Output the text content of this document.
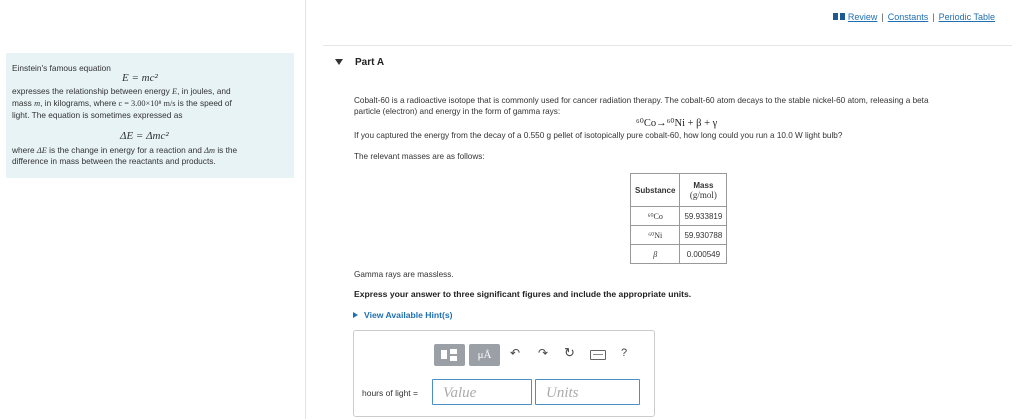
Einstein's famous equation
E = mc²
expresses the relationship between energy E, in joules, and
mass m, in kilograms, where c = 3.00×10⁸ m/s is the speed of
light. The equation is sometimes expressed as
ΔE = Δmc²
where ΔE is the change in energy for a reaction and Δm is the
difference in mass between the reactants and products.
Review | Constants | Periodic Table
Part A
Cobalt-60 is a radioactive isotope that is commonly used for cancer radiation therapy. The cobalt-60 atom decays to the stable nickel-60 atom, releasing a beta
particle (electron) and energy in the form of gamma rays:
⁶⁰Co→⁶⁰Ni + β + γ
If you captured the energy from the decay of a 0.550 g pellet of isotopically pure cobalt-60, how long could you run a 10.0 W light bulb?
The relevant masses are as follows:
Substance	Mass
(g/mol)
⁶⁰Co	59.933819
⁶⁰Ni	59.930788
β	0.000549
Gamma rays are massless.
Express your answer to three significant figures and include the appropriate units.
View Available Hint(s)
μÅ	↶ ↷ ↻	?
hours of light =	Value	Units
